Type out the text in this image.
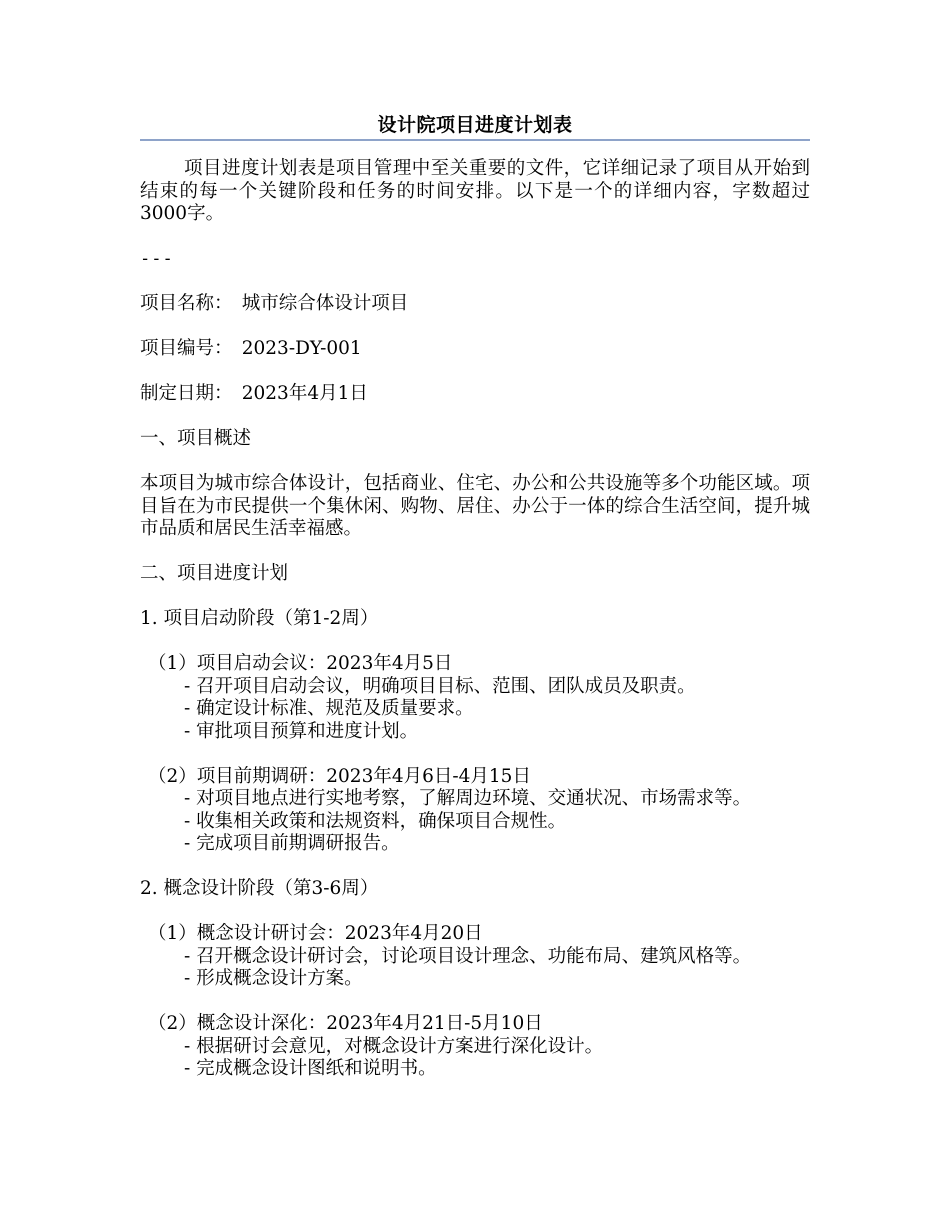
设计院项目进度计划表

项目进度计划表是项目管理中至关重要的文件，它详细记录了项目从开始到结束的每一个关键阶段和任务的时间安排。以下是一个的详细内容，字数超过3000字。

---

项目名称：　城市综合体设计项目

项目编号：　2023-DY-001

制定日期：　2023年4月1日

一、项目概述

本项目为城市综合体设计，包括商业、住宅、办公和公共设施等多个功能区域。项目旨在为市民提供一个集休闲、购物、居住、办公于一体的综合生活空间，提升城市品质和居民生活幸福感。

二、项目进度计划

1. 项目启动阶段（第1-2周）

（1）项目启动会议：2023年4月5日

- 召开项目启动会议，明确项目目标、范围、团队成员及职责。

- 确定设计标准、规范及质量要求。

- 审批项目预算和进度计划。

（2）项目前期调研：2023年4月6日-4月15日

- 对项目地点进行实地考察，了解周边环境、交通状况、市场需求等。

- 收集相关政策和法规资料，确保项目合规性。

- 完成项目前期调研报告。

2. 概念设计阶段（第3-6周）

（1）概念设计研讨会：2023年4月20日

- 召开概念设计研讨会，讨论项目设计理念、功能布局、建筑风格等。

- 形成概念设计方案。

（2）概念设计深化：2023年4月21日-5月10日

- 根据研讨会意见，对概念设计方案进行深化设计。

- 完成概念设计图纸和说明书。
